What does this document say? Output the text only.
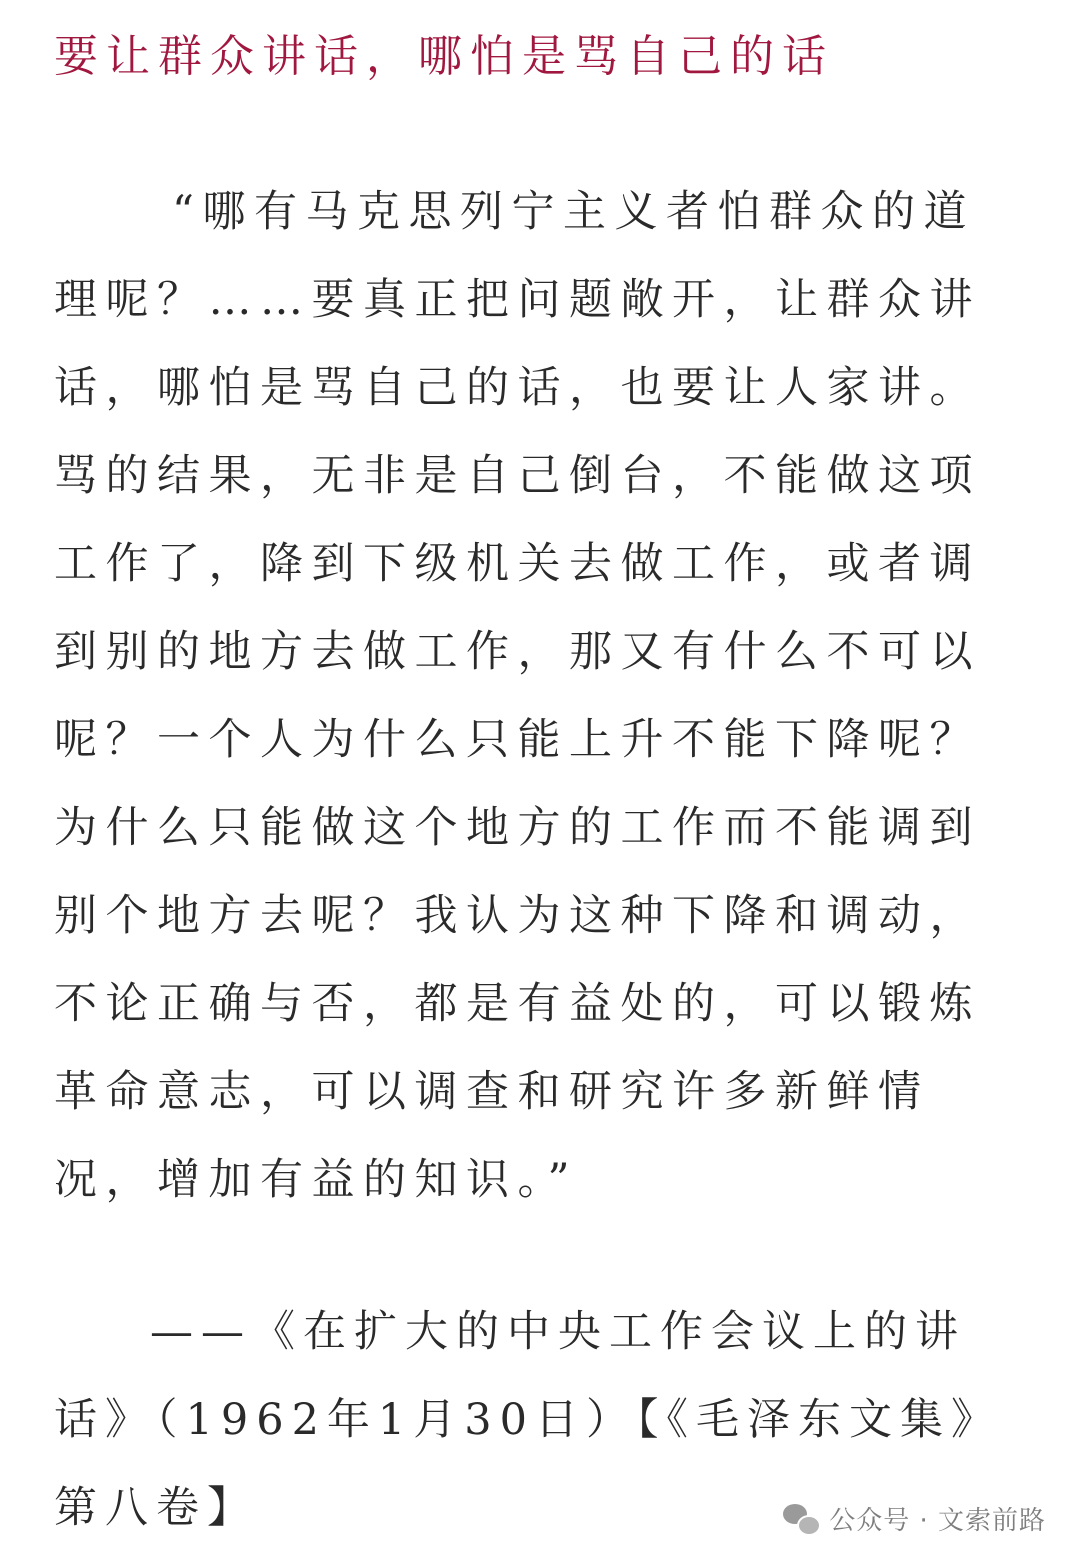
要让群众讲话，哪怕是骂自己的话
“哪有马克思列宁主义者怕群众的道
理呢？……要真正把问题敞开，让群众讲
话，哪怕是骂自己的话，也要让人家讲。
骂的结果，无非是自己倒台，不能做这项
工作了，降到下级机关去做工作，或者调
到别的地方去做工作，那又有什么不可以
呢？一个人为什么只能上升不能下降呢？
为什么只能做这个地方的工作而不能调到
别个地方去呢？我认为这种下降和调动，
不论正确与否，都是有益处的，可以锻炼
革命意志，可以调查和研究许多新鲜情
况，增加有益的知识。”
——《在扩大的中央工作会议上的讲
话》（1962年1月30日）【《毛泽东文集》
第八卷】	公众号 · 文索前路
